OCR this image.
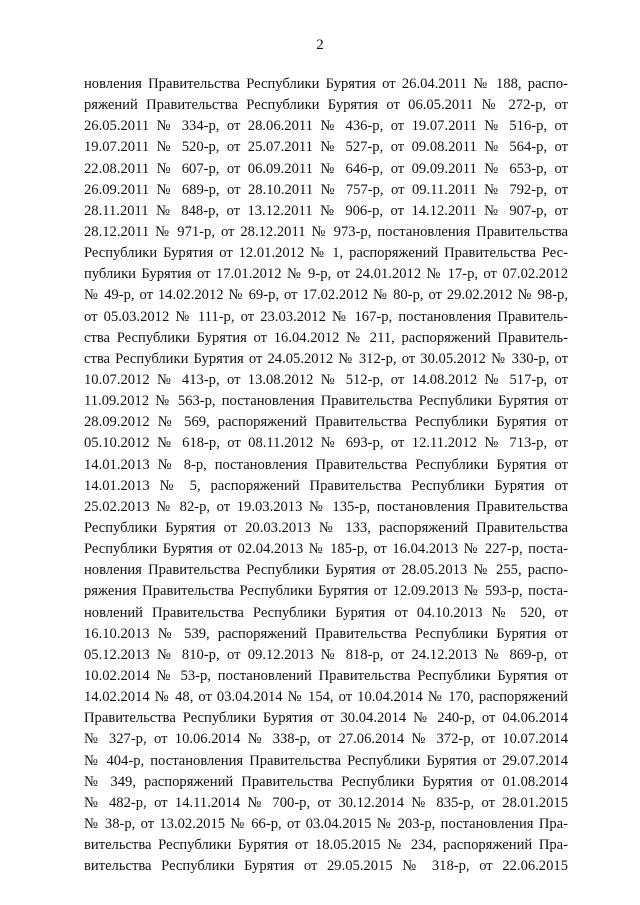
2
новления Правительства Республики Бурятия от 26.04.2011 № 188, распо-
ряжений Правительства Республики Бурятия от 06.05.2011 № 272-р, от
26.05.2011 № 334-р, от 28.06.2011 № 436-р, от 19.07.2011 № 516-р, от
19.07.2011 № 520-р, от 25.07.2011 № 527-р, от 09.08.2011 № 564-р, от
22.08.2011 № 607-р, от 06.09.2011 № 646-р, от 09.09.2011 № 653-р, от
26.09.2011 № 689-р, от 28.10.2011 № 757-р, от 09.11.2011 № 792-р, от
28.11.2011 № 848-р, от 13.12.2011 № 906-р, от 14.12.2011 № 907-р, от
28.12.2011 № 971-р, от 28.12.2011 № 973-р, постановления Правительства
Республики Бурятия от 12.01.2012 № 1, распоряжений Правительства Рес-
публики Бурятия от 17.01.2012 № 9-р, от 24.01.2012 № 17-р, от 07.02.2012
№ 49-р, от 14.02.2012 № 69-р, от 17.02.2012 № 80-р, от 29.02.2012 № 98-р,
от 05.03.2012 № 111-р, от 23.03.2012 № 167-р, постановления Правитель-
ства Республики Бурятия от 16.04.2012 № 211, распоряжений Правитель-
ства Республики Бурятия от 24.05.2012 № 312-р, от 30.05.2012 № 330-р, от
10.07.2012 № 413-р, от 13.08.2012 № 512-р, от 14.08.2012 № 517-р, от
11.09.2012 № 563-р, постановления Правительства Республики Бурятия от
28.09.2012 № 569, распоряжений Правительства Республики Бурятия от
05.10.2012 № 618-р, от 08.11.2012 № 693-р, от 12.11.2012 № 713-р, от
14.01.2013 № 8-р, постановления Правительства Республики Бурятия от
14.01.2013 № 5, распоряжений Правительства Республики Бурятия от
25.02.2013 № 82-р, от 19.03.2013 № 135-р, постановления Правительства
Республики Бурятия от 20.03.2013 № 133, распоряжений Правительства
Республики Бурятия от 02.04.2013 № 185-р, от 16.04.2013 № 227-р, поста-
новления Правительства Республики Бурятия от 28.05.2013 № 255, распо-
ряжения Правительства Республики Бурятия от 12.09.2013 № 593-р, поста-
новлений Правительства Республики Бурятия от 04.10.2013 № 520, от
16.10.2013 № 539, распоряжений Правительства Республики Бурятия от
05.12.2013 № 810-р, от 09.12.2013 № 818-р, от 24.12.2013 № 869-р, от
10.02.2014 № 53-р, постановлений Правительства Республики Бурятия от
14.02.2014 № 48, от 03.04.2014 № 154, от 10.04.2014 № 170, распоряжений
Правительства Республики Бурятия от 30.04.2014 № 240-р, от 04.06.2014
№ 327-р, от 10.06.2014 № 338-р, от 27.06.2014 № 372-р, от 10.07.2014
№ 404-р, постановления Правительства Республики Бурятия от 29.07.2014
№ 349, распоряжений Правительства Республики Бурятия от 01.08.2014
№ 482-р, от 14.11.2014 № 700-р, от 30.12.2014 № 835-р, от 28.01.2015
№ 38-р, от 13.02.2015 № 66-р, от 03.04.2015 № 203-р, постановления Пра-
вительства Республики Бурятия от 18.05.2015 № 234, распоряжений Пра-
вительства Республики Бурятия от 29.05.2015 № 318-р, от 22.06.2015
